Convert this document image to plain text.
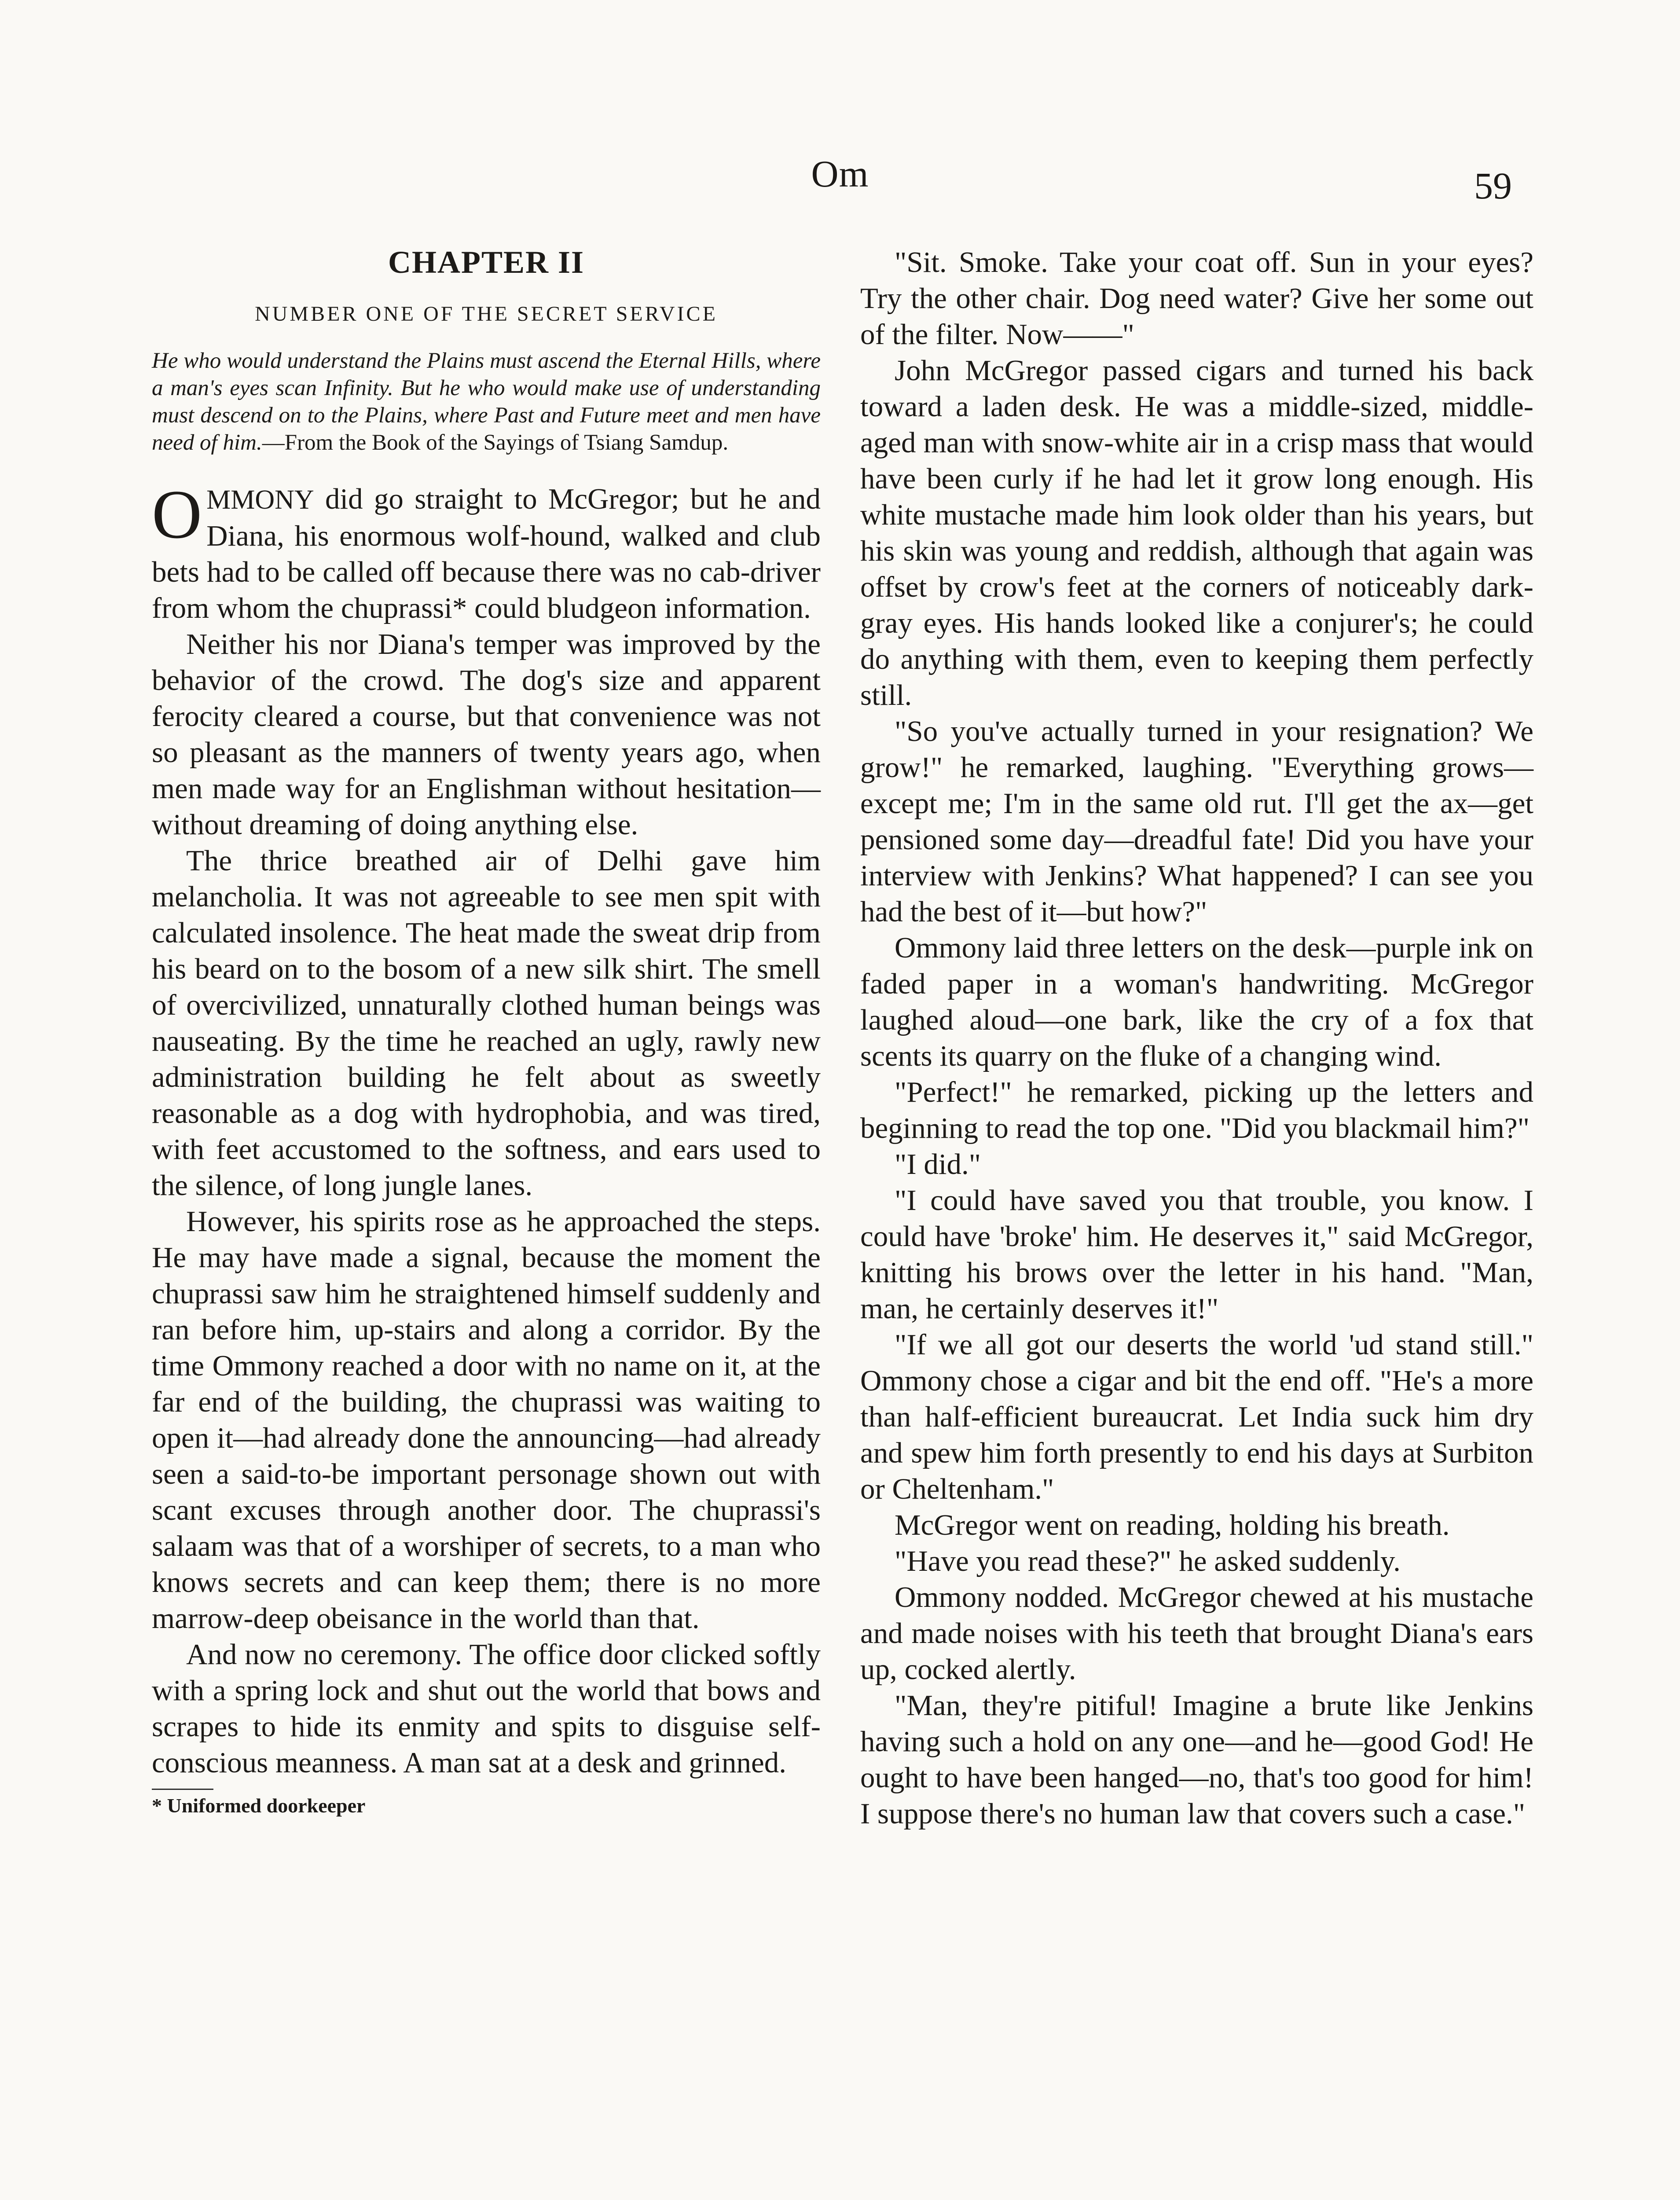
Om	59
CHAPTER II
NUMBER ONE OF THE SECRET SERVICE
He who would understand the Plains must ascend the Eternal Hills, where a man's eyes scan Infinity. But he who would make use of understanding must descend on to the Plains, where Past and Future meet and men have need of him.—From the Book of the Sayings of Tsiang Samdup.

OMMONY did go straight to McGregor; but he and Diana, his enormous wolf-hound, walked and club bets had to be called off because there was no cab-driver from whom the chuprassi* could bludgeon information.

Neither his nor Diana's temper was improved by the behavior of the crowd. The dog's size and apparent ferocity cleared a course, but that convenience was not so pleasant as the manners of twenty years ago, when men made way for an Englishman without hesitation—without dreaming of doing anything else.

The thrice breathed air of Delhi gave him melancholia. It was not agreeable to see men spit with calculated insolence. The heat made the sweat drip from his beard on to the bosom of a new silk shirt. The smell of overcivilized, unnaturally clothed human beings was nauseating. By the time he reached an ugly, rawly new administration building he felt about as sweetly reasonable as a dog with hydrophobia, and was tired, with feet accustomed to the softness, and ears used to the silence, of long jungle lanes.

However, his spirits rose as he approached the steps. He may have made a signal, because the moment the chuprassi saw him he straightened himself suddenly and ran before him, up-stairs and along a corridor. By the time Ommony reached a door with no name on it, at the far end of the building, the chuprassi was waiting to open it—had already done the announcing—had already seen a said-to-be important personage shown out with scant excuses through another door. The chuprassi's salaam was that of a worshiper of secrets, to a man who knows secrets and can keep them; there is no more marrow-deep obeisance in the world than that.

And now no ceremony. The office door clicked softly with a spring lock and shut out the world that bows and scrapes to hide its enmity and spits to disguise self-conscious meanness. A man sat at a desk and grinned.

* Uniformed doorkeeper

"Sit. Smoke. Take your coat off. Sun in your eyes? Try the other chair. Dog need water? Give her some out of the filter. Now——"

John McGregor passed cigars and turned his back toward a laden desk. He was a middle-sized, middle-aged man with snow-white air in a crisp mass that would have been curly if he had let it grow long enough. His white mustache made him look older than his years, but his skin was young and reddish, although that again was offset by crow's feet at the corners of noticeably dark-gray eyes. His hands looked like a conjurer's; he could do anything with them, even to keeping them perfectly still.

"So you've actually turned in your resignation? We grow!" he remarked, laughing. "Everything grows—except me; I'm in the same old rut. I'll get the ax—get pensioned some day—dreadful fate! Did you have your interview with Jenkins? What happened? I can see you had the best of it—but how?"

Ommony laid three letters on the desk—purple ink on faded paper in a woman's handwriting. McGregor laughed aloud—one bark, like the cry of a fox that scents its quarry on the fluke of a changing wind.

"Perfect!" he remarked, picking up the letters and beginning to read the top one. "Did you blackmail him?"

"I did."

"I could have saved you that trouble, you know. I could have 'broke' him. He deserves it," said McGregor, knitting his brows over the letter in his hand. "Man, man, he certainly deserves it!"

"If we all got our deserts the world 'ud stand still." Ommony chose a cigar and bit the end off. "He's a more than half-efficient bureaucrat. Let India suck him dry and spew him forth presently to end his days at Surbiton or Cheltenham."

McGregor went on reading, holding his breath.

"Have you read these?" he asked suddenly.

Ommony nodded. McGregor chewed at his mustache and made noises with his teeth that brought Diana's ears up, cocked alertly.

"Man, they're pitiful! Imagine a brute like Jenkins having such a hold on any one—and he—good God! He ought to have been hanged—no, that's too good for him! I suppose there's no human law that covers such a case."
